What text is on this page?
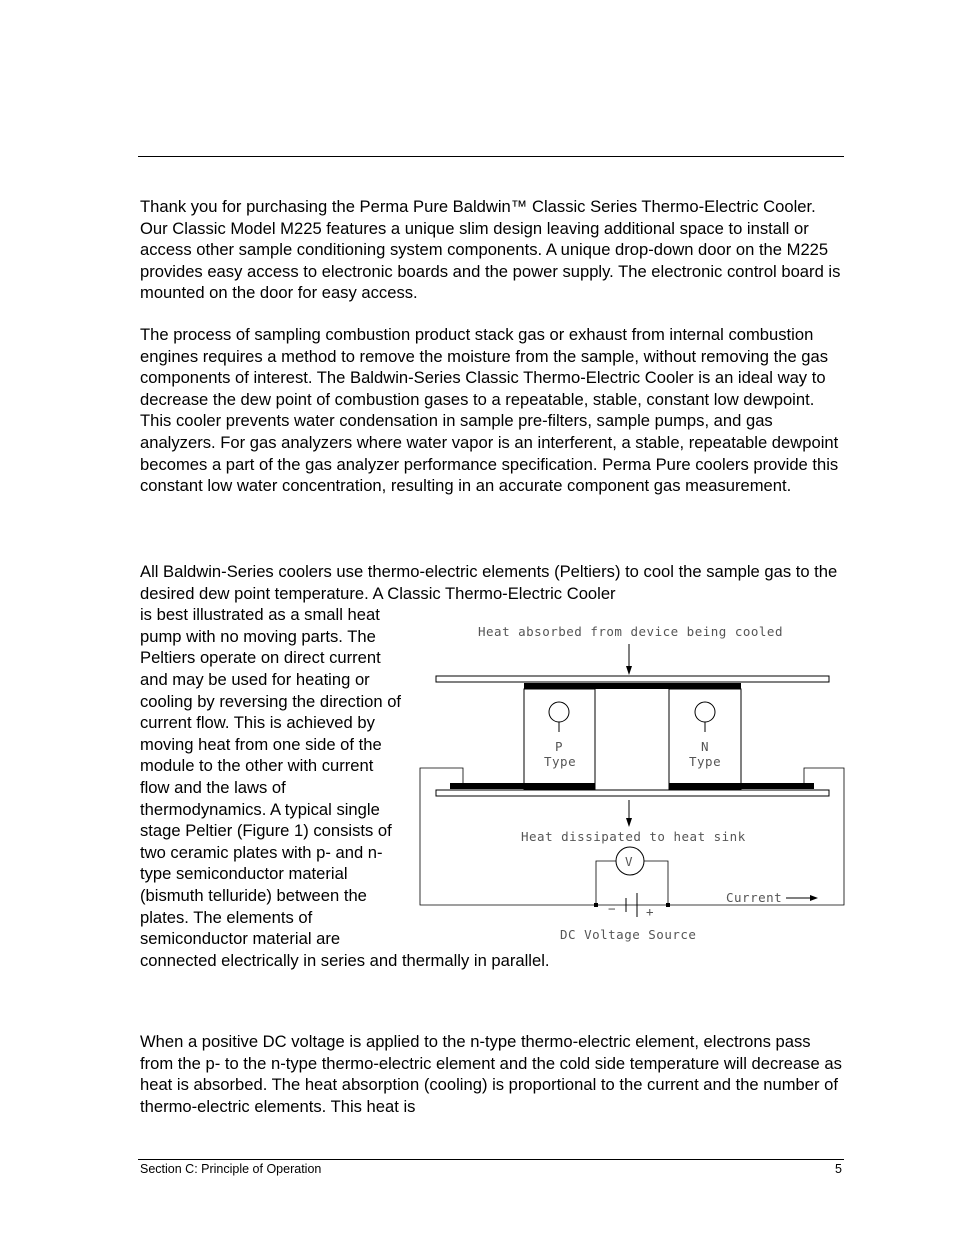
Thank you for purchasing the Perma Pure Baldwin™ Classic Series Thermo-Electric Cooler. Our Classic Model M225 features a unique slim design leaving additional space to install or access other sample conditioning system components. A unique drop-down door on the M225 provides easy access to electronic boards and the power supply. The electronic control board is mounted on the door for easy access.

The process of sampling combustion product stack gas or exhaust from internal combustion engines requires a method to remove the moisture from the sample, without removing the gas components of interest. The Baldwin-Series Classic Thermo-Electric Cooler is an ideal way to decrease the dew point of combustion gases to a repeatable, stable, constant low dewpoint. This cooler prevents water condensation in sample pre-filters, sample pumps, and gas analyzers. For gas analyzers where water vapor is an interferent, a stable, repeatable dewpoint becomes a part of the gas analyzer performance specification. Perma Pure coolers provide this constant low water concentration, resulting in an accurate component gas measurement.

All Baldwin-Series coolers use thermo-electric elements (Peltiers) to cool the sample gas to the desired dew point temperature. A Classic Thermo-Electric Cooler
is best illustrated as a small heat pump with no moving parts. The Peltiers operate on direct current and may be used for heating or cooling by reversing the direction of current flow. This is achieved by moving heat from one side of the module to the other with current flow and the laws of thermodynamics. A typical single stage Peltier (Figure 1) consists of two ceramic plates with p- and n-type semiconductor material (bismuth telluride) between the plates. The elements of semiconductor material are
connected electrically in series and thermally in parallel.
Heat absorbed from device being cooled
P
Type
N
Type
Heat dissipated to heat sink
V
− +
Current
DC Voltage Source

When a positive DC voltage is applied to the n-type thermo-electric element, electrons pass from the p- to the n-type thermo-electric element and the cold side temperature will decrease as heat is absorbed. The heat absorption (cooling) is proportional to the current and the number of thermo-electric elements. This heat is

Section C: Principle of Operation	5
